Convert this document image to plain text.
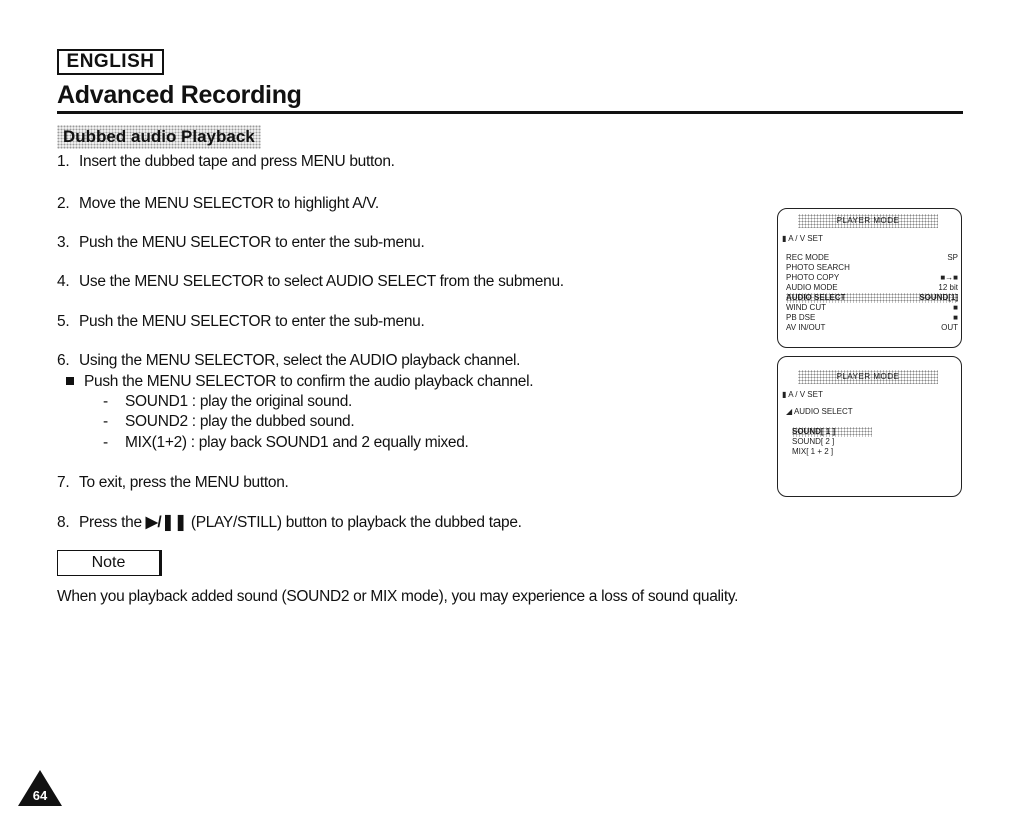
ENGLISH
Advanced Recording
Dubbed audio Playback
1. Insert the dubbed tape and press MENU button.
2. Move the MENU SELECTOR to highlight A/V.
3. Push the MENU SELECTOR to enter the sub-menu.
4. Use the MENU SELECTOR to select AUDIO SELECT from the submenu.
5. Push the MENU SELECTOR to enter the sub-menu.
6. Using the MENU SELECTOR, select the AUDIO playback channel.
Push the MENU SELECTOR to confirm the audio playback channel.
- SOUND1 : play the original sound.
- SOUND2 : play the dubbed sound.
- MIX(1+2) : play back SOUND1 and 2 equally mixed.
7. To exit, press the MENU button.
8. Press the ▶/❚❚ (PLAY/STILL) button to playback the dubbed tape.
PLAYER MODE
▮ A / V SET
REC MODE	SP
PHOTO SEARCH
PHOTO COPY	■→■
AUDIO MODE	12 bit
AUDIO SELECT	SOUND[1]
WIND CUT	■
PB DSE	■
AV IN/OUT	OUT
PLAYER MODE
▮ A / V SET
◢ AUDIO SELECT
SOUND[ 1 ]
SOUND[ 2 ]
MIX[ 1 + 2 ]
Note
When you playback added sound (SOUND2 or MIX mode), you may experience a loss of sound quality.
64
